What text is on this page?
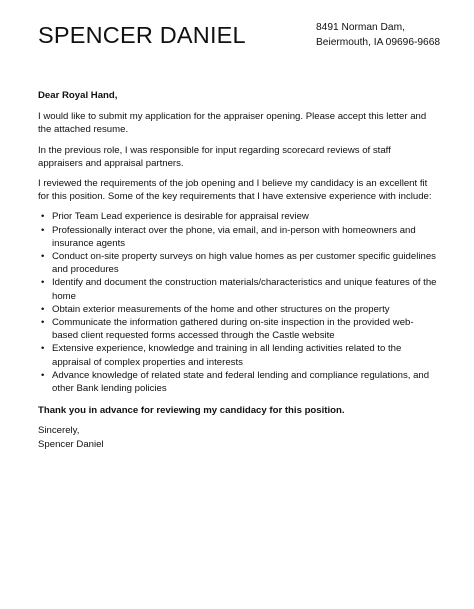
SPENCER DANIEL	8491 Norman Dam,
Beiermouth, IA 09696-9668
Dear Royal Hand,

I would like to submit my application for the appraiser opening. Please accept this letter and the attached resume.

In the previous role, I was responsible for input regarding scorecard reviews of staff appraisers and appraisal partners.

I reviewed the requirements of the job opening and I believe my candidacy is an excellent fit for this position. Some of the key requirements that I have extensive experience with include:

• Prior Team Lead experience is desirable for appraisal review
• Professionally interact over the phone, via email, and in-person with homeowners and insurance agents
• Conduct on-site property surveys on high value homes as per customer specific guidelines and procedures
• Identify and document the construction materials/characteristics and unique features of the home
• Obtain exterior measurements of the home and other structures on the property
• Communicate the information gathered during on-site inspection in the provided web-based client requested forms accessed through the Castle website
• Extensive experience, knowledge and training in all lending activities related to the appraisal of complex properties and interests
• Advance knowledge of related state and federal lending and compliance regulations, and other Bank lending policies

Thank you in advance for reviewing my candidacy for this position.

Sincerely,

Spencer Daniel
